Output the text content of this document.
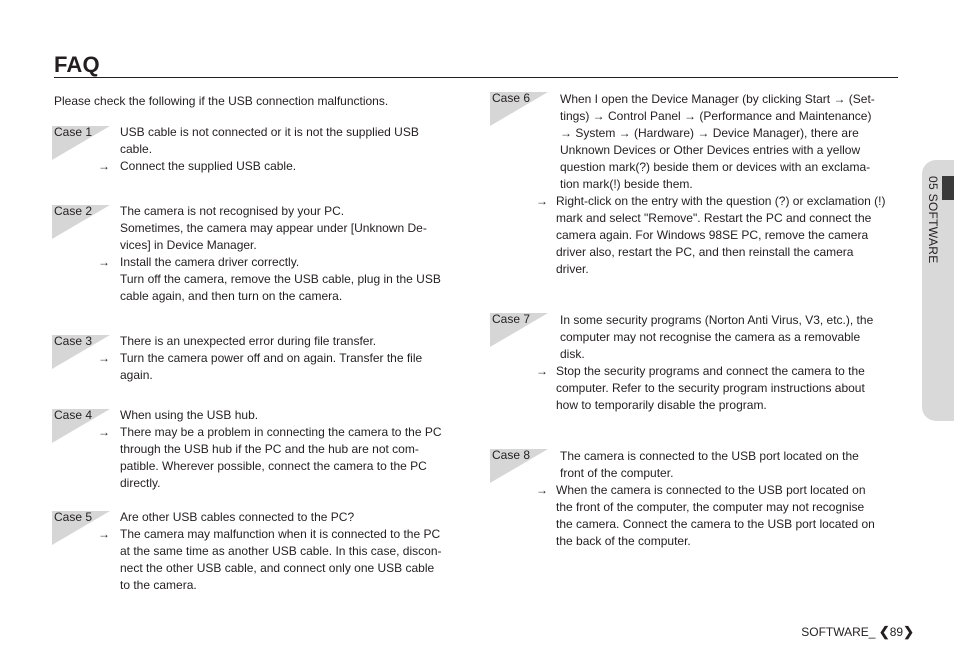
FAQ
Please check the following if the USB connection malfunctions.
Case 1 USB cable is not connected or it is not the supplied USB
cable.
→ Connect the supplied USB cable.
Case 2 The camera is not recognised by your PC.
Sometimes, the camera may appear under [Unknown De-
vices] in Device Manager.
→ Install the camera driver correctly.
Turn off the camera, remove the USB cable, plug in the USB
cable again, and then turn on the camera.
Case 3 There is an unexpected error during file transfer.
→ Turn the camera power off and on again. Transfer the file
again.
Case 4 When using the USB hub.
→ There may be a problem in connecting the camera to the PC
through the USB hub if the PC and the hub are not com-
patible. Wherever possible, connect the camera to the PC
directly.
Case 5 Are other USB cables connected to the PC?
→ The camera may malfunction when it is connected to the PC
at the same time as another USB cable. In this case, discon-
nect the other USB cable, and connect only one USB cable
to the camera.
Case 6 When I open the Device Manager (by clicking Start → (Set-
tings) → Control Panel → (Performance and Maintenance)
→ System → (Hardware) → Device Manager), there are
Unknown Devices or Other Devices entries with a yellow
question mark(?) beside them or devices with an exclama-
tion mark(!) beside them.
→ Right-click on the entry with the question (?) or exclamation (!)
mark and select "Remove". Restart the PC and connect the
camera again. For Windows 98SE PC, remove the camera
driver also, restart the PC, and then reinstall the camera
driver.
Case 7 In some security programs (Norton Anti Virus, V3, etc.), the
computer may not recognise the camera as a removable
disk.
→ Stop the security programs and connect the camera to the
computer. Refer to the security program instructions about
how to temporarily disable the program.
Case 8 The camera is connected to the USB port located on the
front of the computer.
→ When the camera is connected to the USB port located on
the front of the computer, the computer may not recognise
the camera. Connect the camera to the USB port located on
the back of the computer.
05 SOFTWARE
SOFTWARE_ ❮89❯
